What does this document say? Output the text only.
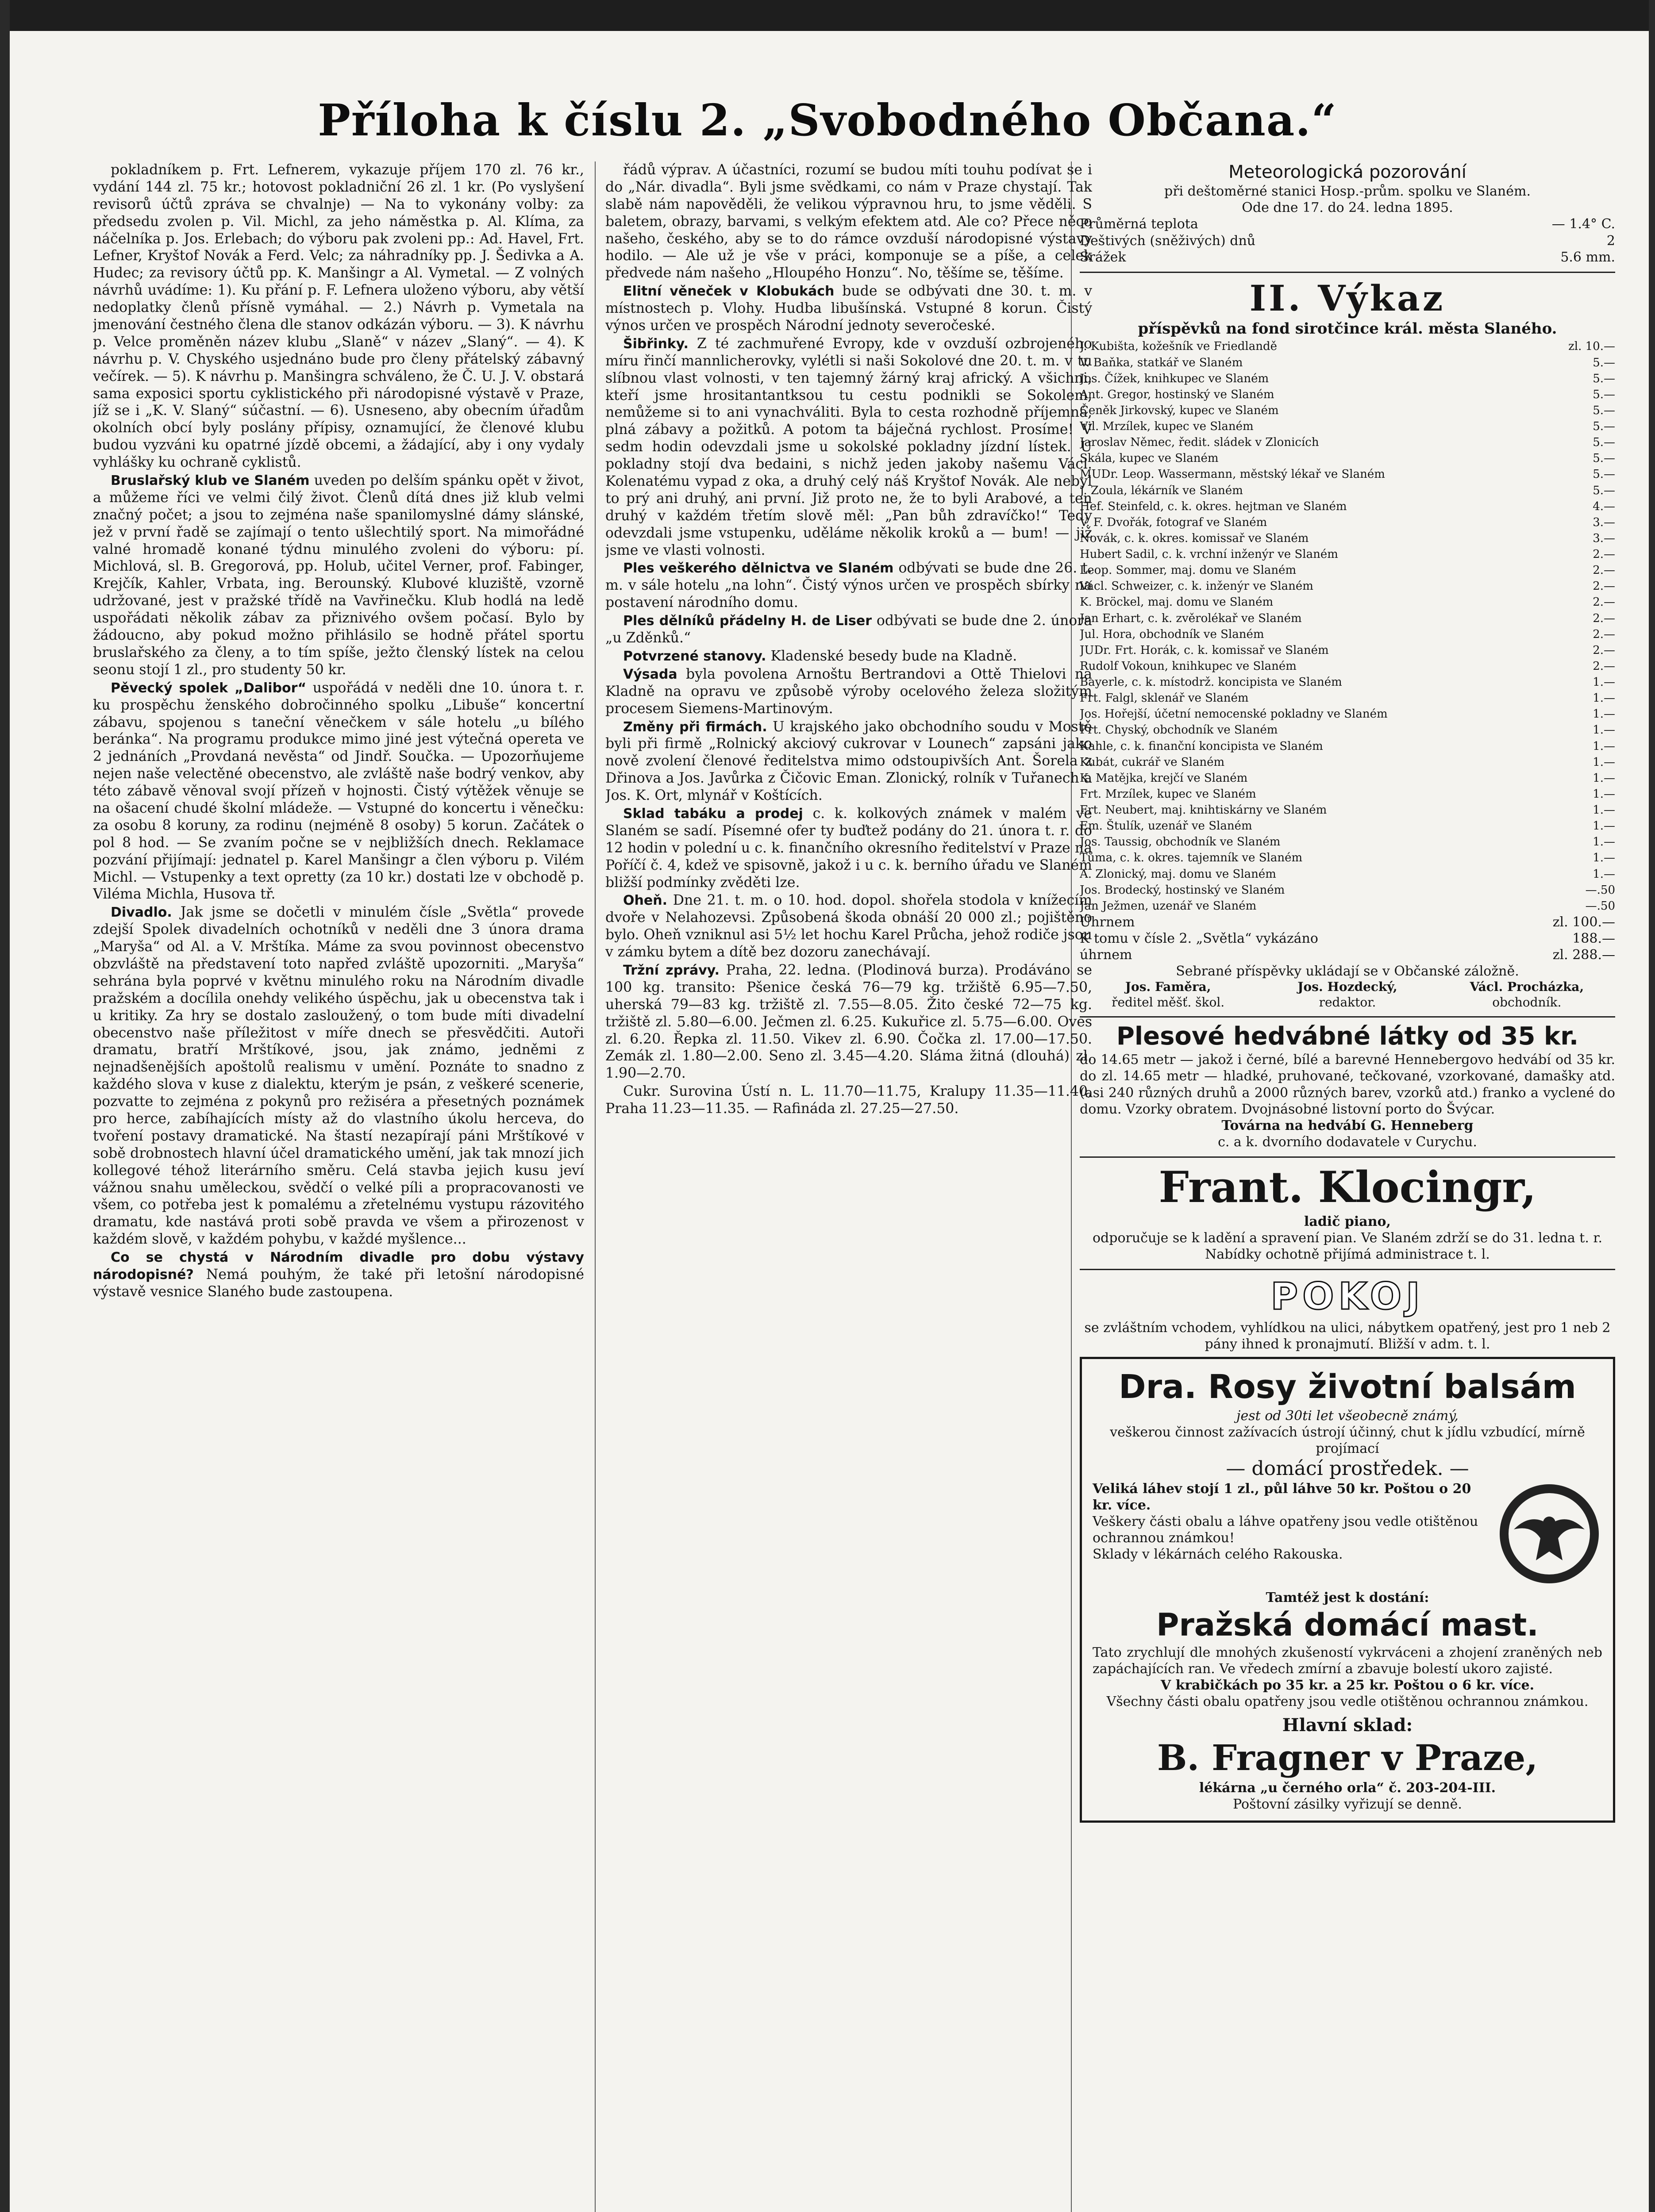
Příloha k číslu 2. „Svobodného Občana.“

pokladníkem p. Frt. Lefnerem, vykazuje příjem 170 zl. 76 kr., vydání 144 zl. 75 kr.; hotovost pokladniční 26 zl. 1 kr. (Po vyslyšení revisorů účtů zpráva se chvalnje) — Na to vykonány volby: za předsedu zvolen p. Vil. Michl, za jeho náměstka p. Al. Klíma, za náčelníka p. Jos. Erlebach; do výboru pak zvoleni pp.: Ad. Havel, Frt. Lefner, Kryštof Novák a Ferd. Velc; za náhradníky pp. J. Šedivka a A. Hudec; za revisory účtů pp. K. Manšingr a Al. Vymetal. — Z volných návrhů uvádíme: 1). Ku přání p. F. Lefnera uloženo výboru, aby větší nedoplatky členů přísně vymáhal. — 2.) Návrh p. Vymetala na jmenování čestného člena dle stanov odkázán výboru. — 3). K návrhu p. Velce proměněn název klubu „Slaně“ v název „Slaný“. — 4). K návrhu p. V. Chyského usjednáno bude pro členy přátelský zábavný večírek. — 5). K návrhu p. Manšingra schváleno, že Č. U. J. V. obstará sama exposici sportu cyklistického při národopisné výstavě v Praze, jíž se i „K. V. Slaný“ súčastní. — 6). Usneseno, aby obecním úřadům okolních obcí byly poslány přípisy, oznamující, že členové klubu budou vyzváni ku opatrné jízdě obcemi, a žádající, aby i ony vydaly vyhlášky ku ochraně cyklistů.

Bruslařský klub ve Slaném uveden po delším spánku opět v život, a můžeme říci ve velmi čilý život. Členů dítá dnes již klub velmi značný počet; a jsou to zejména naše spanilomyslné dámy slánské, jež v první řadě se zajímají o tento ušlechtilý sport. Na mimořádné valné hromadě konané týdnu minulého zvoleni do výboru: pí. Michlová, sl. B. Gregorová, pp. Holub, učitel Verner, prof. Fabinger, Krejčík, Kahler, Vrbata, ing. Berounský. Klubové kluziště, vzorně udržované, jest v pražské třídě na Vavřinečku. Klub hodlá na ledě uspořádati několik zábav za přiznivého ovšem počasí. Bylo by žádoucno, aby pokud možno přihlásilo se hodně přátel sportu bruslařského za členy, a to tím spíše, ježto členský lístek na celou seonu stojí 1 zl., pro studenty 50 kr.

Pěvecký spolek „Dalibor“ uspořádá v neděli dne 10. února t. r. ku prospěchu ženského dobročinného spolku „Libuše“ koncertní zábavu, spojenou s taneční věnečkem v sále hotelu „u bílého beránka“. Na programu produkce mimo jiné jest výtečná opereta ve 2 jednáních „Provdaná nevěsta“ od Jindř. Součka. — Upozorňujeme nejen naše velectěné obecenstvo, ale zvláště naše bodrý venkov, aby této zábavě věnoval svojí přízeň v hojnosti. Čistý výtěžek věnuje se na ošacení chudé školní mládeže. — Vstupné do koncertu i věnečku: za osobu 8 koruny, za rodinu (nejméně 8 osoby) 5 korun. Začátek o pol 8 hod. — Se zvaním počne se v nejbližších dnech. Reklamace pozvání přijímají: jednatel p. Karel Manšingr a člen výboru p. Vilém Michl. — Vstupenky a text opretty (za 10 kr.) dostati lze v obchodě p. Viléma Michla, Husova tř.

Divadlo. Jak jsme se dočetli v minulém čísle „Světla“ provede zdejší Spolek divadelních ochotníků v neděli dne 3 února drama „Maryša“ od Al. a V. Mrštíka. Máme za svou povinnost obecenstvo obzvláště na představení toto napřed zvláště upozorniti. „Maryša“ sehrána byla poprvé v květnu minulého roku na Národním divadle pražském a docílila onehdy velikého úspěchu, jak u obecenstva tak i u kritiky. Za hry se dostalo zasloužený, o tom bude míti divadelní obecenstvo naše příležitost v míře dnech se přesvědčiti. Autoři dramatu, bratří Mrštíkové, jsou, jak známo, jedněmi z nejnadšenějších apoštolů realismu v umění. Poznáte to snadno z každého slova v kuse z dialektu, kterým je psán, z veškeré scenerie, pozvatte to zejména z pokynů pro režiséra a přesetných poznámek pro herce, zabíhajících místy až do vlastního úkolu herceva, do tvoření postavy dramatické. Na štastí nezapírají páni Mrštíkové v sobě drobnostech hlavní účel dramatického umění, jak tak mnozí jich kollegové téhož literárního směru. Celá stavba jejich kusu jeví vážnou snahu uměleckou, svědčí o velké píli a propracovanosti ve všem, co potřeba jest k pomalému a zřetelnému vystupu rázovitého dramatu, kde nastává proti sobě pravda ve všem a přirozenost v každém slově, v každém pohybu, v každé myšlence...

Co se chystá v Národním divadle pro dobu výstavy národopisné? Nemá pouhým, že také při letošní národopisné výstavě vesnice Slaného bude zastoupena.

řádů výprav. A účastníci, rozumí se budou míti touhu podívat se i do „Nár. divadla“. Byli jsme svědkami, co nám v Praze chystají. Tak slabě nám napověděli, že velikou výpravnou hru, to jsme věděli. S baletem, obrazy, barvami, s velkým efektem atd. Ale co? Přece něco našeho, českého, aby se to do rámce ovzduší národopisné výstavy hodilo. — Ale už je vše v práci, komponuje se a píše, a celek předvede nám našeho „Hloupého Honzu“. No, těšíme se, těšíme.

Elitní věneček v Klobukách bude se odbývati dne 30. t. m. v místnostech p. Vlohy. Hudba libušínská. Vstupné 8 korun. Čistý výnos určen ve prospěch Národní jednoty severočeské.

Šibřinky. Z té zachmuřené Evropy, kde v ovzduší ozbrojeného míru řinčí mannlicherovky, vylétli si naši Sokolové dne 20. t. m. v tu slíbnou vlast volnosti, v ten tajemný žárný kraj africký. A všichni, kteří jsme hrositantantksou tu cestu podnikli se Sokolem, nemůžeme si to ani vynachváliti. Byla to cesta rozhodně příjemná, plná zábavy a požitků. A potom ta báječná rychlost. Prosíme! V sedm hodin odevzdali jsme u sokolské pokladny jízdní lístek. U pokladny stojí dva bedaini, s nichž jeden jakoby našemu Václ. Kolenatému vypad z oka, a druhý celý náš Kryštof Novák. Ale nebyl to prý ani druhý, ani první. Již proto ne, že to byli Arabové, a ten druhý v každém třetím slově měl: „Pan bůh zdravíčko!“ Tedy odevzdali jsme vstupenku, uděláme několik kroků a — bum! — již jsme ve vlasti volnosti.

Ples veškerého dělnictva ve Slaném odbývati se bude dne 26. t. m. v sále hotelu „na lohn“. Čistý výnos určen ve prospěch sbírky na postavení národního domu.

Ples dělníků přádelny H. de Liser odbývati se bude dne 2. února „u Zděnků.“

Potvrzené stanovy. Kladenské besedy bude na Kladně.

Výsada byla povolena Arnoštu Bertrandovi a Ottě Thielovi na Kladně na opravu ve způsobě výroby ocelového železa složitým procesem Siemens-Martinovým.

Změny při firmách. U krajského jako obchodního soudu v Mostě byli při firmě „Rolnický akciový cukrovar v Lounech“ zapsáni jako nově zvolení členové ředitelstva mimo odstoupivších Ant. Šorela z Dřinova a Jos. Javůrka z Čičovic Eman. Zlonický, rolník v Tuřanech a Jos. K. Ort, mlynář v Koštících.

Sklad tabáku a prodej c. k. kolkových známek v malém ve Slaném se sadí. Písemné ofer ty buďtež podány do 21. února t. r. do 12 hodin v polední u c. k. finančního okresního ředitelství v Praze na Poříčí č. 4, kdež ve spisovně, jakož i u c. k. berního úřadu ve Slaném bližší podmínky zvěděti lze.

Oheň. Dne 21. t. m. o 10. hod. dopol. shořela stodola v knížecím dvoře v Nelahozevsi. Způsobená škoda obnáší 20 000 zl.; pojištěno bylo. Oheň vzniknul asi 5½ let hochu Karel Průcha, jehož rodiče jsou v zámku bytem a dítě bez dozoru zanechávají.

Tržní zprávy. Praha, 22. ledna. (Plodinová burza). Prodáváno se 100 kg. transito: Pšenice česká 76—79 kg. tržiště 6.95—7.50, uherská 79—83 kg. tržiště zl. 7.55—8.05. Žito české 72—75 kg. tržiště zl. 5.80—6.00. Ječmen zl. 6.25. Kukuřice zl. 5.75—6.00. Oves zl. 6.20. Řepka zl. 11.50. Vikev zl. 6.90. Čočka zl. 17.00—17.50. Zemák zl. 1.80—2.00. Seno zl. 3.45—4.20. Sláma žitná (dlouhá) zl. 1.90—2.70.

Cukr. Surovina Ústí n. L. 11.70—11.75, Kralupy 11.35—11.40, Praha 11.23—11.35. — Rafináda zl. 27.25—27.50.

Meteorologická pozorování
při deštoměrné stanici Hosp.-prům. spolku ve Slaném.
Ode dne 17. do 24. ledna 1895.
Průměrná teplota	— 1.4° C.
Deštivých (sněživých) dnů	2
Srážek	5.6 mm.
II. Výkaz
příspěvků na fond sirotčince král. města Slaného.
J. Kubišta, kožešník ve Friedlandě	zl. 10.—
V. Baňka, statkář ve Slaném	5.—
Jos. Čížek, knihkupec ve Slaném	5.—
Ant. Gregor, hostinský ve Slaném	5.—
Čeněk Jirkovský, kupec ve Slaném	5.—
Vil. Mrzílek, kupec ve Slaném	5.—
Jaroslav Němec, ředit. sládek v Zlonicích	5.—
Skála, kupec ve Slaném	5.—
MUDr. Leop. Wassermann, městský lékař ve Slaném	5.—
J. Zoula, lékárník ve Slaném	5.—
Hef. Steinfeld, c. k. okres. hejtman ve Slaném	4.—
V. F. Dvořák, fotograf ve Slaném	3.—
Novák, c. k. okres. komissař ve Slaném	3.—
Hubert Sadil, c. k. vrchní inženýr ve Slaném	2.—
Leop. Sommer, maj. domu ve Slaném	2.—
Václ. Schweizer, c. k. inženýr ve Slaném	2.—
K. Bröckel, maj. domu ve Slaném	2.—
Jan Erhart, c. k. zvěrolékař ve Slaném	2.—
Jul. Hora, obchodník ve Slaném	2.—
JUDr. Frt. Horák, c. k. komissař ve Slaném	2.—
Rudolf Vokoun, knihkupec ve Slaném	2.—
Bayerle, c. k. místodrž. koncipista ve Slaném	1.—
Frt. Falgl, sklenář ve Slaném	1.—
Jos. Hořejší, účetní nemocenské pokladny ve Slaném	1.—
Frt. Chyský, obchodník ve Slaném	1.—
Kahle, c. k. finanční koncipista ve Slaném	1.—
Kubát, cukrář ve Slaném	1.—
K. Matějka, krejčí ve Slaném	1.—
Frt. Mrzílek, kupec ve Slaném	1.—
Frt. Neubert, maj. knihtiskárny ve Slaném	1.—
Em. Štulík, uzenář ve Slaném	1.—
Jos. Taussig, obchodník ve Slaném	1.—
Tůma, c. k. okres. tajemník ve Slaném	1.—
A. Zlonický, maj. domu ve Slaném	1.—
Jos. Brodecký, hostinský ve Slaném	—.50
Jan Ježmen, uzenář ve Slaném	—.50
Úhrnem	zl. 100.—
K tomu v čísle 2. „Světla“ vykázáno	188.—
úhrnem	zl. 288.—
Sebrané příspěvky ukládají se v Občanské záložně.
Jos. Faměra,
ředitel měšť. škol.
Jos. Hozdecký,
redaktor.
Václ. Procházka,
obchodník.
Plesové hedvábné látky od 35 kr.
do 14.65 metr — jakož i černé, bílé a barevné Hennebergovo hedvábí od 35 kr. do zl. 14.65 metr — hladké, pruhované, tečkované, vzorkované, damašky atd. (asi 240 různých druhů a 2000 různých barev, vzorků atd.) franko a vyclené do domu. Vzorky obratem. Dvojnásobné listovní porto do Švýcar.
Továrna na hedvábí G. Henneberg
c. a k. dvorního dodavatele v Curychu.
Frant. Klocingr,
ladič piano,
odporučuje se k ladění a spravení pian. Ve Slaném zdrží se do 31. ledna t. r. Nabídky ochotně přijímá administrace t. l.
POKOJ
se zvláštním vchodem, vyhlídkou na ulici, nábytkem opatřený, jest pro 1 neb 2 pány ihned k pronajmutí. Bližší v adm. t. l.
Dra. Rosy životní balsám
jest od 30ti let všeobecně známý,
veškerou činnost zažívacích ústrojí účinný, chut k jídlu vzbudící, mírně projímací
— domácí prostředek. —
Veliká láhev stojí 1 zl., půl láhve 50 kr. Poštou o 20 kr. více.
Veškery části obalu a láhve opatřeny jsou vedle otištěnou ochrannou známkou!
Sklady v lékárnách celého Rakouska.
Tamtéž jest k dostání:
Pražská domácí mast.
Tato zrychlují dle mnohých zkušeností vykrváceni a zhojení zraněných neb zapáchajících ran. Ve vředech zmírní a zbavuje bolestí ukoro zajisté.
V krabičkách po 35 kr. a 25 kr. Poštou o 6 kr. více.
Všechny části obalu opatřeny jsou vedle otištěnou ochrannou známkou.
Hlavní sklad:
B. Fragner v Praze,
lékárna „u černého orla“ č. 203-204-III.
Poštovní zásilky vyřizují se denně.
